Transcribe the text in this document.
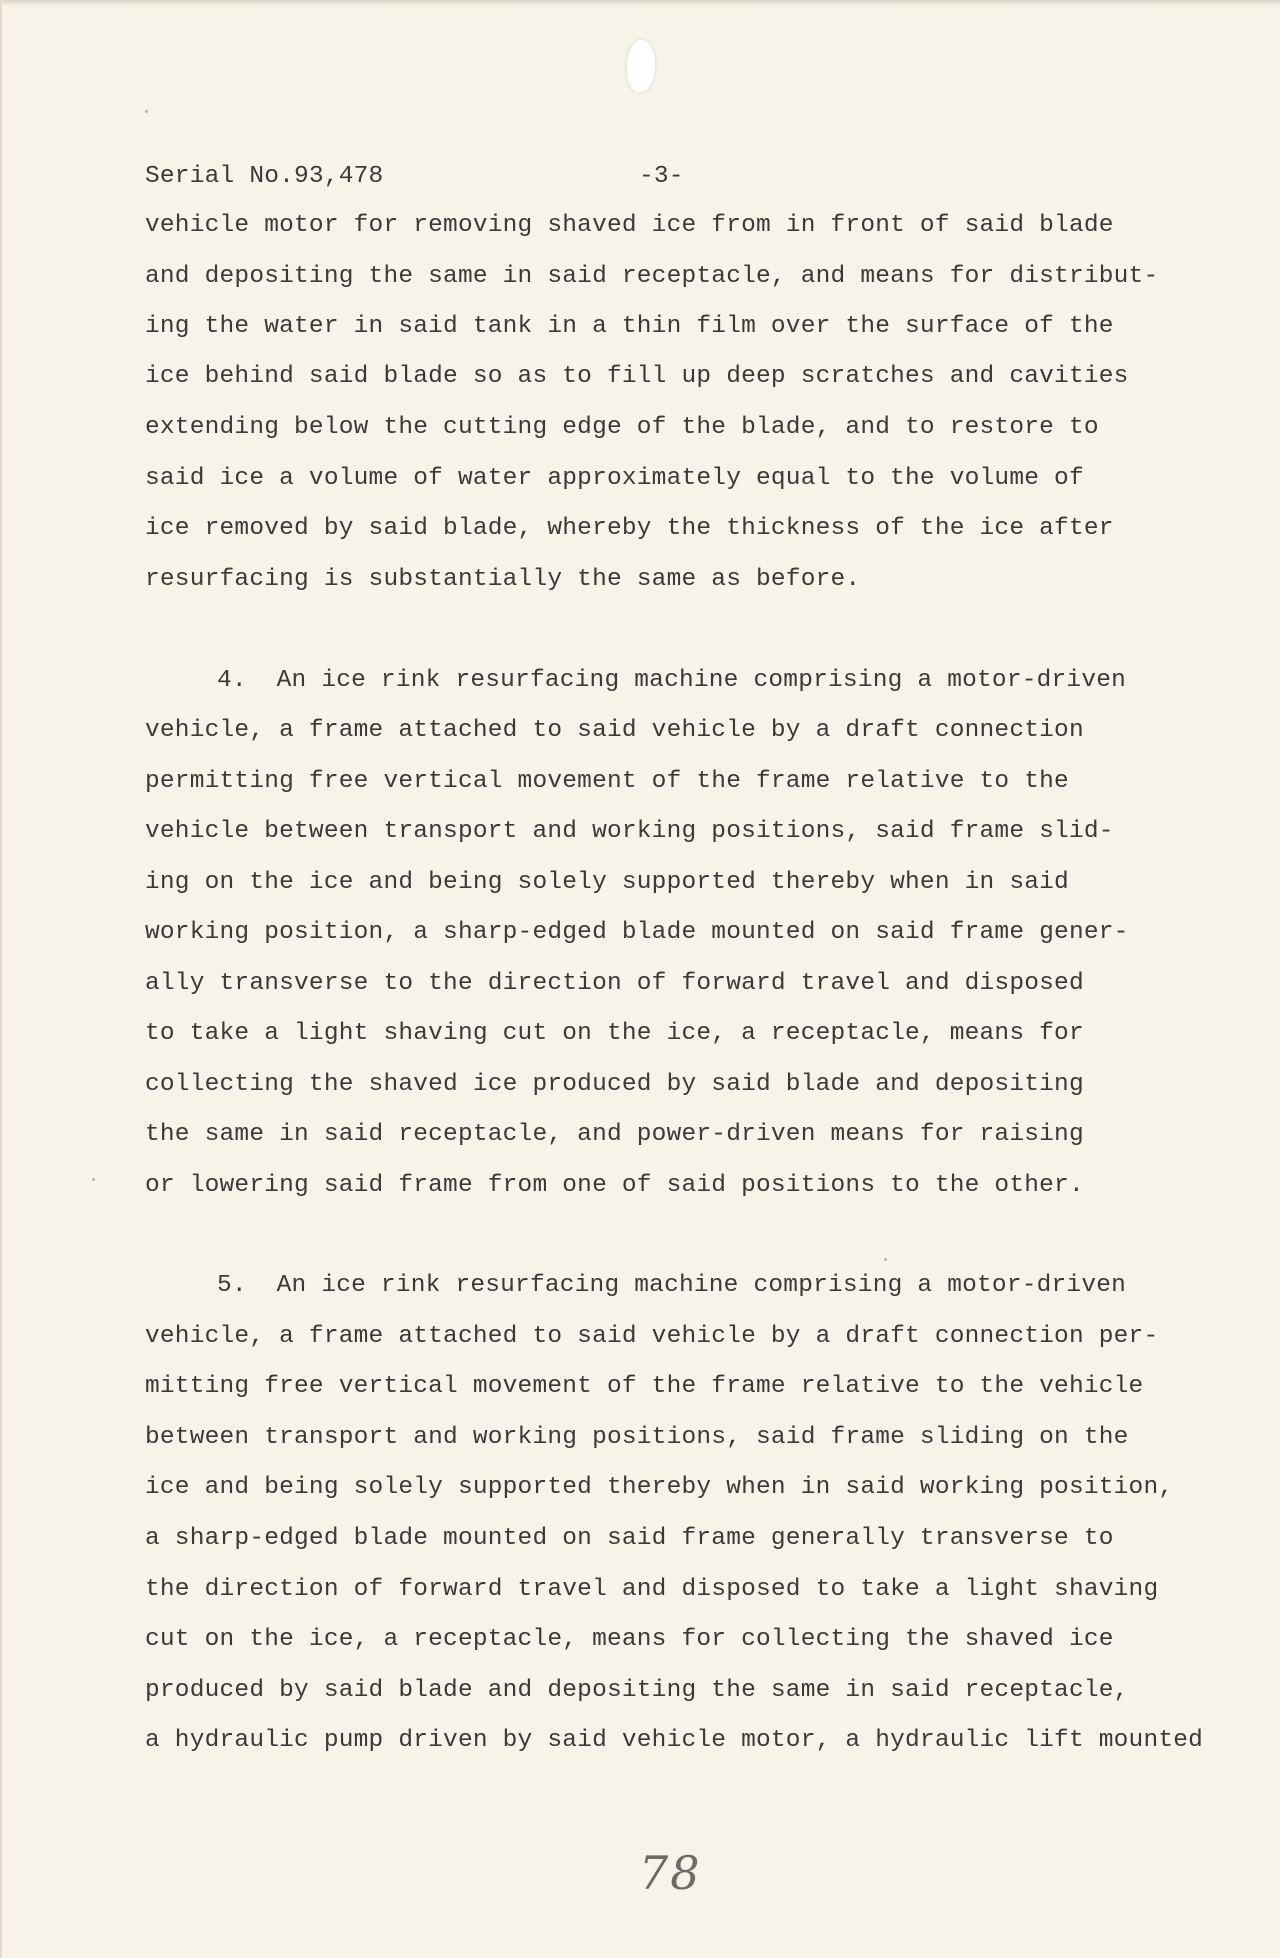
Serial No.93,478	-3-
vehicle motor for removing shaved ice from in front of said blade
and depositing the same in said receptacle, and means for distribut-
ing the water in said tank in a thin film over the surface of the
ice behind said blade so as to fill up deep scratches and cavities
extending below the cutting edge of the blade, and to restore to
said ice a volume of water approximately equal to the volume of
ice removed by said blade, whereby the thickness of the ice after
resurfacing is substantially the same as before.
4.  An ice rink resurfacing machine comprising a motor-driven
vehicle, a frame attached to said vehicle by a draft connection
permitting free vertical movement of the frame relative to the
vehicle between transport and working positions, said frame slid-
ing on the ice and being solely supported thereby when in said
working position, a sharp-edged blade mounted on said frame gener-
ally transverse to the direction of forward travel and disposed
to take a light shaving cut on the ice, a receptacle, means for
collecting the shaved ice produced by said blade and depositing
the same in said receptacle, and power-driven means for raising
or lowering said frame from one of said positions to the other.
5.  An ice rink resurfacing machine comprising a motor-driven
vehicle, a frame attached to said vehicle by a draft connection per-
mitting free vertical movement of the frame relative to the vehicle
between transport and working positions, said frame sliding on the
ice and being solely supported thereby when in said working position,
a sharp-edged blade mounted on said frame generally transverse to
the direction of forward travel and disposed to take a light shaving
cut on the ice, a receptacle, means for collecting the shaved ice
produced by said blade and depositing the same in said receptacle,
a hydraulic pump driven by said vehicle motor, a hydraulic lift mounted
78
